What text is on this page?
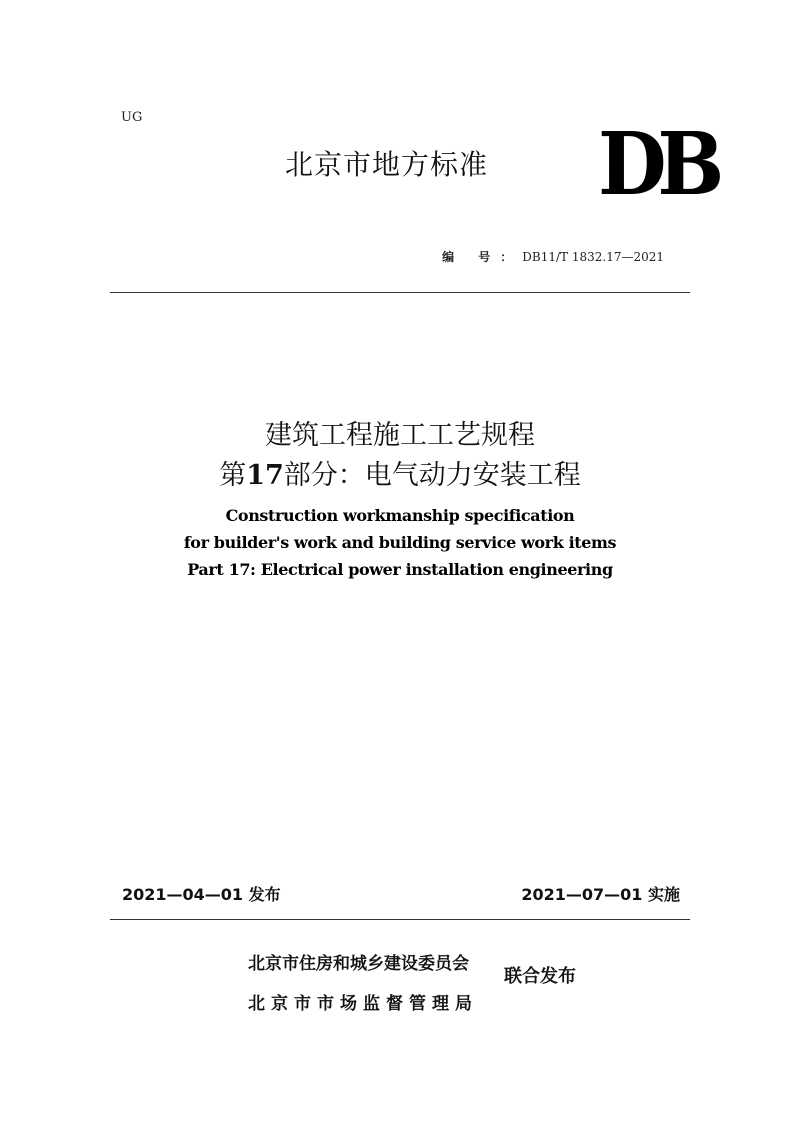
UG
北京市地方标准 DB
编 号：DB11/T 1832.17—2021
建筑工程施工工艺规程
第17部分：电气动力安装工程
Construction workmanship specification
for builder's work and building service work items
Part 17: Electrical power installation engineering
2021—04—01 发布	2021—07—01 实施
北京市住房和城乡建设委员会
北京市市场监督管理局
联合发布
